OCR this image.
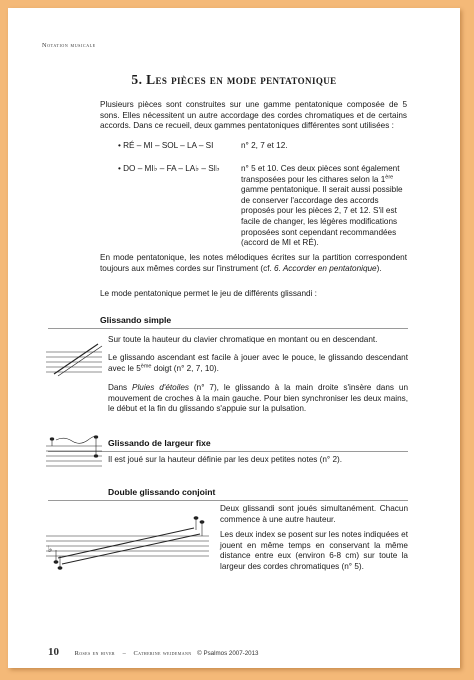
Notation musicale
5. Les pièces en mode pentatonique
Plusieurs pièces sont construites sur une gamme pentatonique composée de 5 sons. Elles nécessitent un autre accordage des cordes chromatiques et de certains accords. Dans ce recueil, deux gammes pentatoniques différentes sont utilisées :
• RÉ – MI – SOL – LA – SI	n° 2, 7 et 12.
• DO – MI♭ – FA – LA♭ – SI♭	n° 5 et 10. Ces deux pièces sont également transposées pour les cithares selon la 1ère gamme pentatonique. Il serait aussi possible de conserver l'accordage des accords proposés pour les pièces 2, 7 et 12. S'il est facile de changer, les légères modifications proposées sont cependant recommandées (accord de MI et RÉ).
En mode pentatonique, les notes mélodiques écrites sur la partition correspondent toujours aux mêmes cordes sur l'instrument (cf. 6. Accorder en pentatonique).
Le mode pentatonique permet le jeu de différents glissandi :
Glissando simple
Sur toute la hauteur du clavier chromatique en montant ou en descendant.
Le glissando ascendant est facile à jouer avec le pouce, le glissando descendant avec le 5ème doigt (n° 2, 7, 10).
Dans Pluies d'étoiles (n° 7), le glissando à la main droite s'insère dans un mouvement de croches à la main gauche. Pour bien synchroniser les deux mains, le début et la fin du glissando s'appuie sur la pulsation.
Glissando de largeur fixe
Il est joué sur la hauteur définie par les deux petites notes (n° 2).
Double glissando conjoint
♭
Deux glissandi sont joués simultanément. Chacun commence à une autre hauteur.
Les deux index se posent sur les notes indiquées et jouent en même temps en conservant la même distance entre eux (environ 6-8 cm) sur toute la largeur des cordes chromatiques (n° 5).
10 Roses en hiver – Catherine weidemann © Psalmos 2007-2013
